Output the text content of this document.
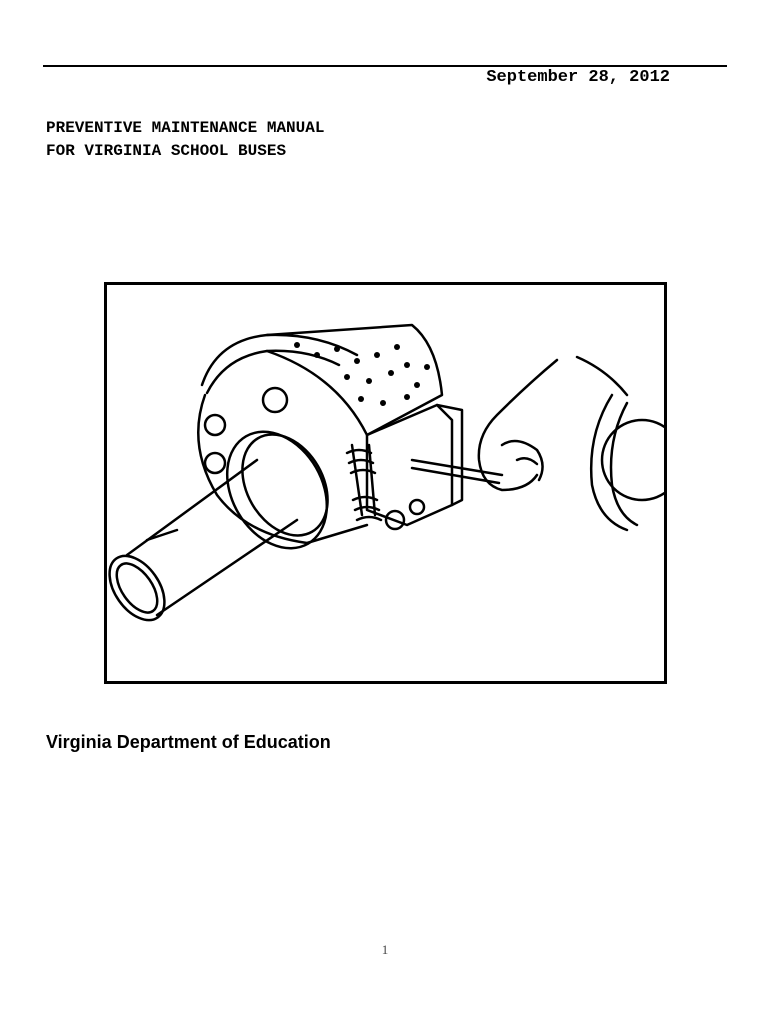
September 28, 2012
PREVENTIVE MAINTENANCE MANUAL
FOR VIRGINIA SCHOOL BUSES
Virginia Department of Education
1
